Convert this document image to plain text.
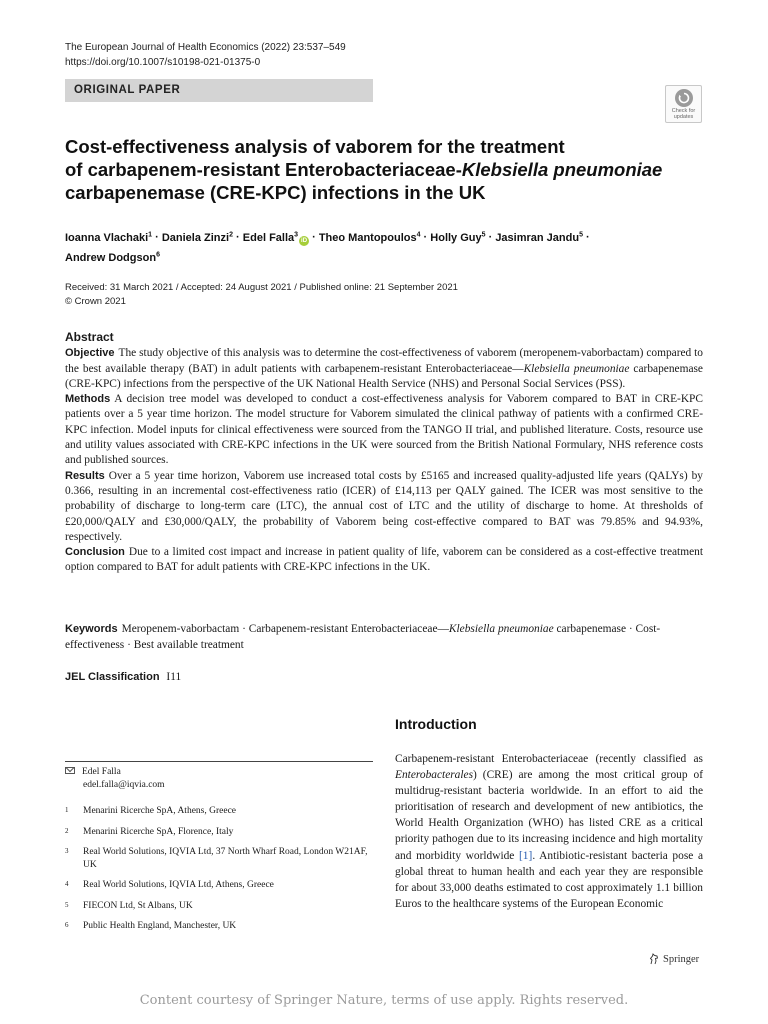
The European Journal of Health Economics (2022) 23:537–549
https://doi.org/10.1007/s10198-021-01375-0
ORIGINAL PAPER
Check for
updates
Cost-effectiveness analysis of vaborem for the treatment
of carbapenem-resistant Enterobacteriaceae-Klebsiella pneumoniae
carbapenemase (CRE-KPC) infections in the UK
Ioanna Vlachaki$^1$ · Daniela Zinzi$^2$ · Edel Falla$^3$iD · Theo Mantopoulos$^4$ · Holly Guy$^5$ · Jasimran Jandu$^5$ ·
Andrew Dodgson$^6$
Received: 31 March 2021 / Accepted: 24 August 2021 / Published online: 21 September 2021
© Crown 2021
Abstract

Objective The study objective of this analysis was to determine the cost-effectiveness of vaborem (meropenem-vaborbactam) compared to the best available therapy (BAT) in adult patients with carbapenem-resistant Enterobacteriaceae—Klebsiella pneumoniae carbapenemase (CRE-KPC) infections from the perspective of the UK National Health Service (NHS) and Personal Social Services (PSS).

Methods A decision tree model was developed to conduct a cost-effectiveness analysis for Vaborem compared to BAT in CRE-KPC patients over a 5 year time horizon. The model structure for Vaborem simulated the clinical pathway of patients with a confirmed CRE-KPC infection. Model inputs for clinical effectiveness were sourced from the TANGO II trial, and published literature. Costs, resource use and utility values associated with CRE-KPC infections in the UK were sourced from the British National Formulary, NHS reference costs and published sources.

Results Over a 5 year time horizon, Vaborem use increased total costs by £5165 and increased quality-adjusted life years (QALYs) by 0.366, resulting in an incremental cost-effectiveness ratio (ICER) of £14,113 per QALY gained. The ICER was most sensitive to the probability of discharge to long-term care (LTC), the annual cost of LTC and the utility of discharge to home. At thresholds of £20,000/QALY and £30,000/QALY, the probability of Vaborem being cost-effective compared to BAT was 79.85% and 94.93%, respectively.

Conclusion Due to a limited cost impact and increase in patient quality of life, vaborem can be considered as a cost-effective treatment option compared to BAT for adult patients with CRE-KPC infections in the UK.

Keywords Meropenem-vaborbactam · Carbapenem-resistant Enterobacteriaceae—Klebsiella pneumoniae carbapenemase · Cost-effectiveness · Best available treatment
JEL Classification I11
Introduction
Carbapenem-resistant Enterobacteriaceae (recently classified as Enterobacterales) (CRE) are among the most critical group of multidrug-resistant bacteria worldwide. In an effort to aid the prioritisation of research and development of new antibiotics, the World Health Organization (WHO) has listed CRE as a critical priority pathogen due to its increasing incidence and high mortality and morbidity worldwide [1]. Antibiotic-resistant bacteria pose a global threat to human health and each year they are responsible for about 33,000 deaths estimated to cost approximately 1.1 billion Euros to the healthcare systems of the European Economic
Edel Falla
edel.falla@iqvia.com
1	Menarini Ricerche SpA, Athens, Greece
2	Menarini Ricerche SpA, Florence, Italy
3	Real World Solutions, IQVIA Ltd, 37 North Wharf Road, London W21AF, UK
4	Real World Solutions, IQVIA Ltd, Athens, Greece
5	FIECON Ltd, St Albans, UK
6	Public Health England, Manchester, UK
Springer
Content courtesy of Springer Nature, terms of use apply. Rights reserved.
